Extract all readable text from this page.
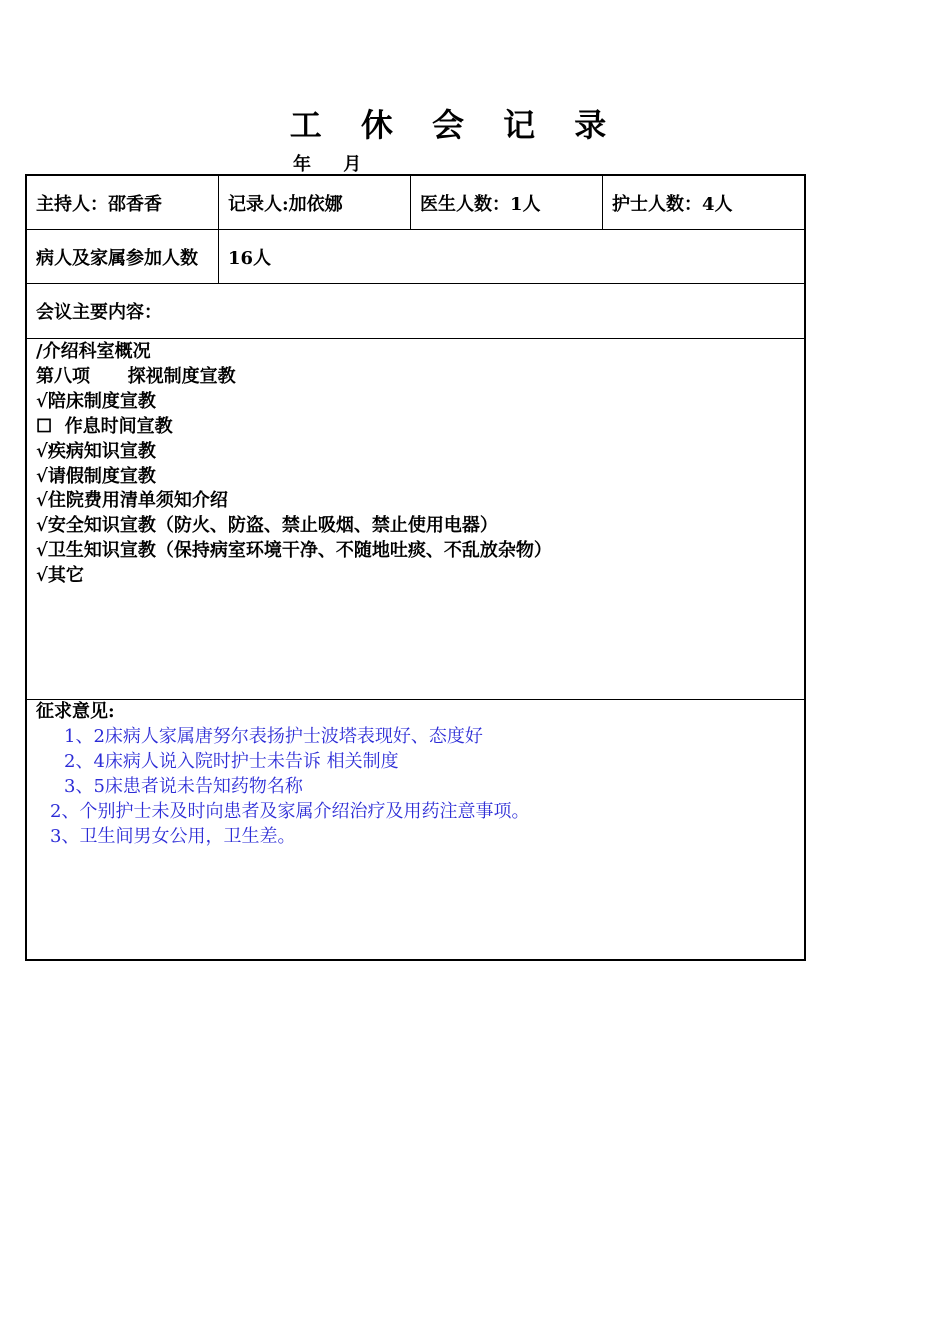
工 休 会 记 录
年 月
主持人：邵香香	记录人:加依娜	医生人数：1人	护士人数：4人
病人及家属参加人数	16人
会议主要内容：
/介绍科室概况
第八项      探视制度宣教
√陪床制度宣教
☐  作息时间宣教
√疾病知识宣教
√请假制度宣教
√住院费用清单须知介绍
√安全知识宣教（防火、防盗、禁止吸烟、禁止使用电器）
√卫生知识宣教（保持病室环境干净、不随地吐痰、不乱放杂物）
√其它
征求意见:
1、2床病人家属唐努尔表扬护士波塔表现好、态度好
2、4床病人说入院时护士未告诉 相关制度
3、5床患者说未告知药物名称
2、个别护士未及时向患者及家属介绍治疗及用药注意事项。
3、卫生间男女公用，卫生差。
